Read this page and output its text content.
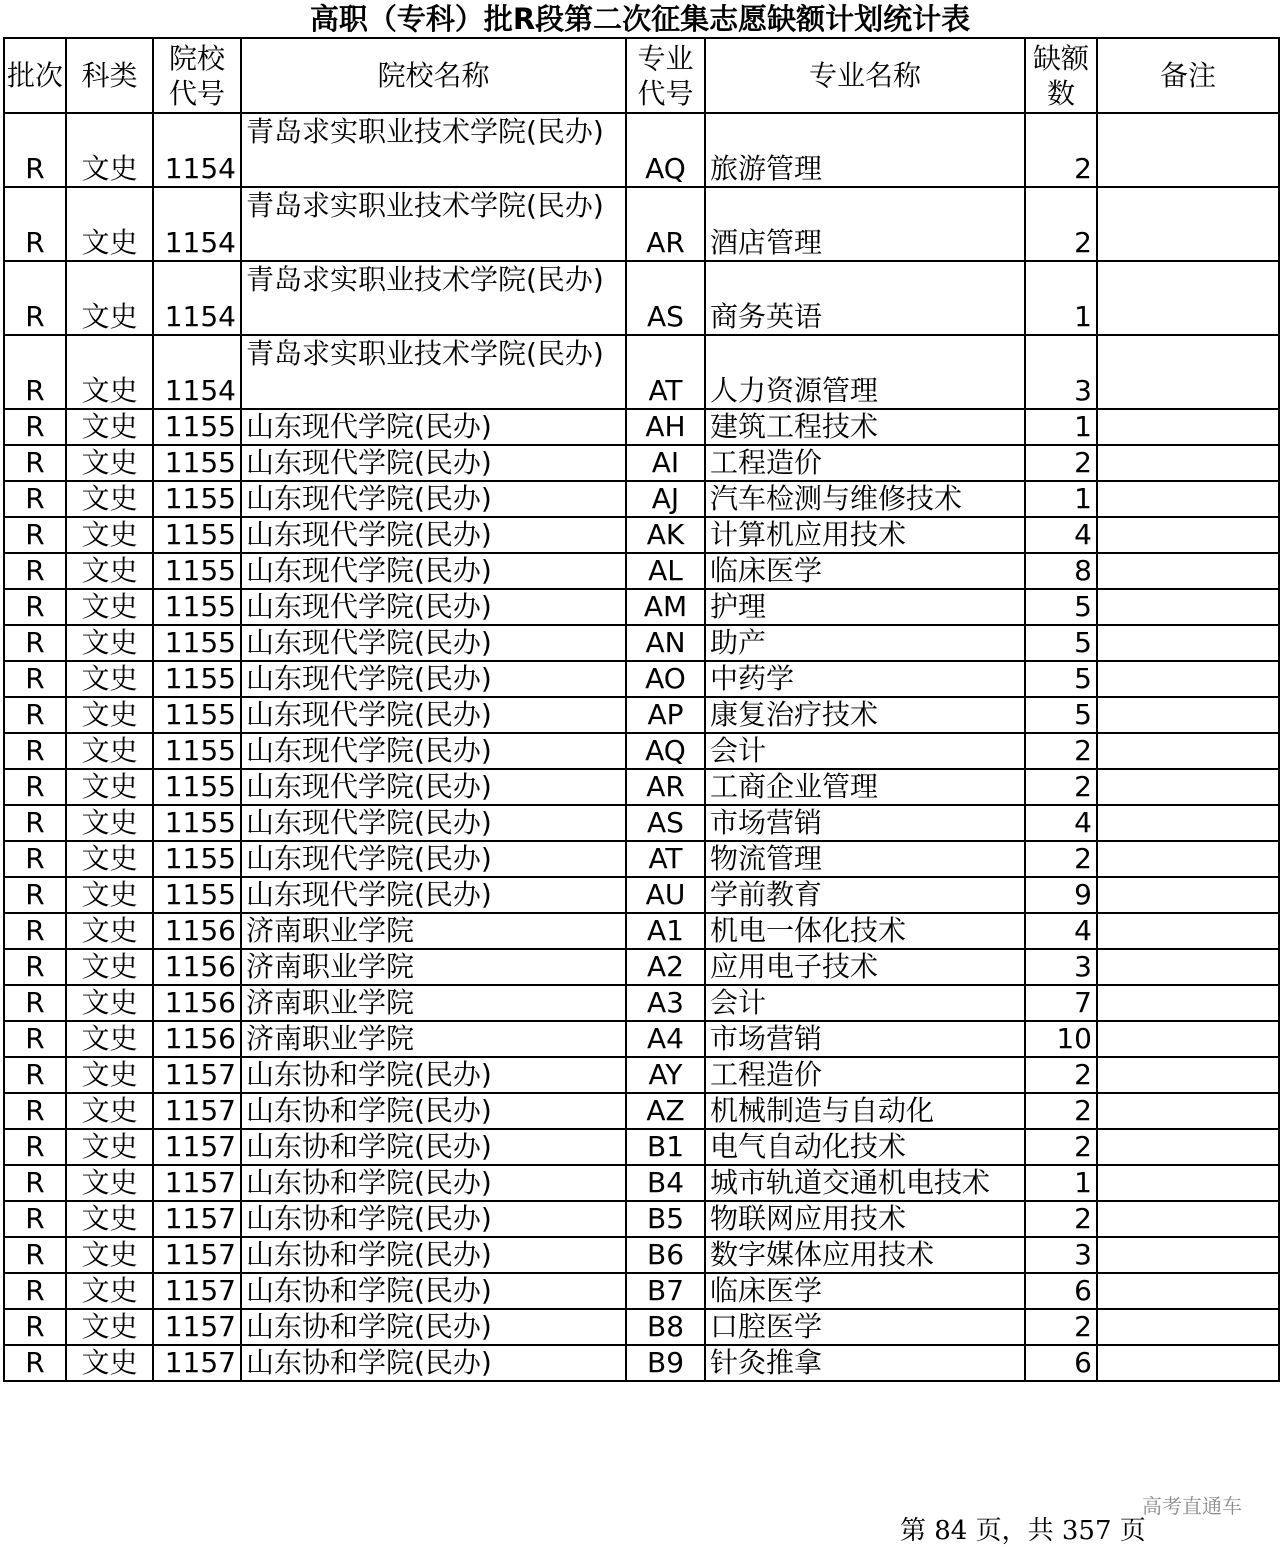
高职（专科）批R段第二次征集志愿缺额计划统计表
批次	科类	院校代号	院校名称	专业代号	专业名称	缺额数	备注
R	文史	1154	青岛求实职业技术学院(民办)	AQ	旅游管理	2	
R	文史	1154	青岛求实职业技术学院(民办)	AR	酒店管理	2	
R	文史	1154	青岛求实职业技术学院(民办)	AS	商务英语	1	
R	文史	1154	青岛求实职业技术学院(民办)	AT	人力资源管理	3	
R	文史	1155	山东现代学院(民办)	AH	建筑工程技术	1	
R	文史	1155	山东现代学院(民办)	AI	工程造价	2	
R	文史	1155	山东现代学院(民办)	AJ	汽车检测与维修技术	1	
R	文史	1155	山东现代学院(民办)	AK	计算机应用技术	4	
R	文史	1155	山东现代学院(民办)	AL	临床医学	8	
R	文史	1155	山东现代学院(民办)	AM	护理	5	
R	文史	1155	山东现代学院(民办)	AN	助产	5	
R	文史	1155	山东现代学院(民办)	AO	中药学	5	
R	文史	1155	山东现代学院(民办)	AP	康复治疗技术	5	
R	文史	1155	山东现代学院(民办)	AQ	会计	2	
R	文史	1155	山东现代学院(民办)	AR	工商企业管理	2	
R	文史	1155	山东现代学院(民办)	AS	市场营销	4	
R	文史	1155	山东现代学院(民办)	AT	物流管理	2	
R	文史	1155	山东现代学院(民办)	AU	学前教育	9	
R	文史	1156	济南职业学院	A1	机电一体化技术	4	
R	文史	1156	济南职业学院	A2	应用电子技术	3	
R	文史	1156	济南职业学院	A3	会计	7	
R	文史	1156	济南职业学院	A4	市场营销	10	
R	文史	1157	山东协和学院(民办)	AY	工程造价	2	
R	文史	1157	山东协和学院(民办)	AZ	机械制造与自动化	2	
R	文史	1157	山东协和学院(民办)	B1	电气自动化技术	2	
R	文史	1157	山东协和学院(民办)	B4	城市轨道交通机电技术	1	
R	文史	1157	山东协和学院(民办)	B5	物联网应用技术	2	
R	文史	1157	山东协和学院(民办)	B6	数字媒体应用技术	3	
R	文史	1157	山东协和学院(民办)	B7	临床医学	6	
R	文史	1157	山东协和学院(民办)	B8	口腔医学	2	
R	文史	1157	山东协和学院(民办)	B9	针灸推拿	6	
高考直通车
第 84 页，共 357 页
